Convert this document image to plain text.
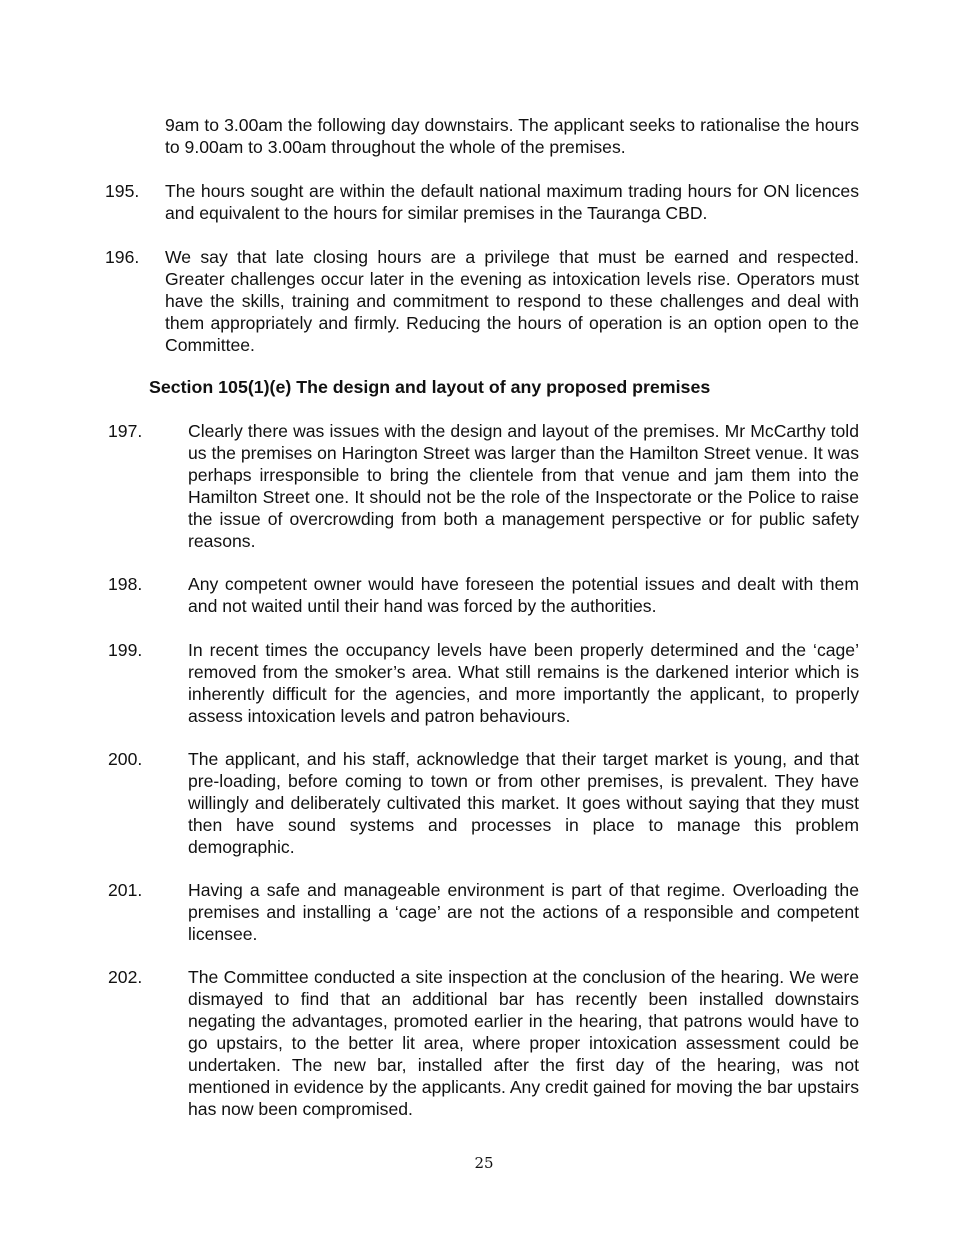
9am to 3.00am the following day downstairs. The applicant seeks to rationalise the hours to 9.00am to 3.00am throughout the whole of the premises.
195. The hours sought are within the default national maximum trading hours for ON licences and equivalent to the hours for similar premises in the Tauranga CBD.
196. We say that late closing hours are a privilege that must be earned and respected. Greater challenges occur later in the evening as intoxication levels rise. Operators must have the skills, training and commitment to respond to these challenges and deal with them appropriately and firmly. Reducing the hours of operation is an option open to the Committee.
Section 105(1)(e) The design and layout of any proposed premises
197.	Clearly there was issues with the design and layout of the premises. Mr McCarthy told us the premises on Harington Street was larger than the Hamilton Street venue. It was perhaps irresponsible to bring the clientele from that venue and jam them into the Hamilton Street one. It should not be the role of the Inspectorate or the Police to raise the issue of overcrowding from both a management perspective or for public safety reasons.
198.	Any competent owner would have foreseen the potential issues and dealt with them and not waited until their hand was forced by the authorities.
199.	In recent times the occupancy levels have been properly determined and the ‘cage’ removed from the smoker’s area. What still remains is the darkened interior which is inherently difficult for the agencies, and more importantly the applicant, to properly assess intoxication levels and patron behaviours.
200.	The applicant, and his staff, acknowledge that their target market is young, and that pre-loading, before coming to town or from other premises, is prevalent. They have willingly and deliberately cultivated this market. It goes without saying that they must then have sound systems and processes in place to manage this problem demographic.
201.	Having a safe and manageable environment is part of that regime. Overloading the premises and installing a ‘cage’ are not the actions of a responsible and competent licensee.
202.	The Committee conducted a site inspection at the conclusion of the hearing. We were dismayed to find that an additional bar has recently been installed downstairs negating the advantages, promoted earlier in the hearing, that patrons would have to go upstairs, to the better lit area, where proper intoxication assessment could be undertaken. The new bar, installed after the first day of the hearing, was not mentioned in evidence by the applicants. Any credit gained for moving the bar upstairs has now been compromised.
25
